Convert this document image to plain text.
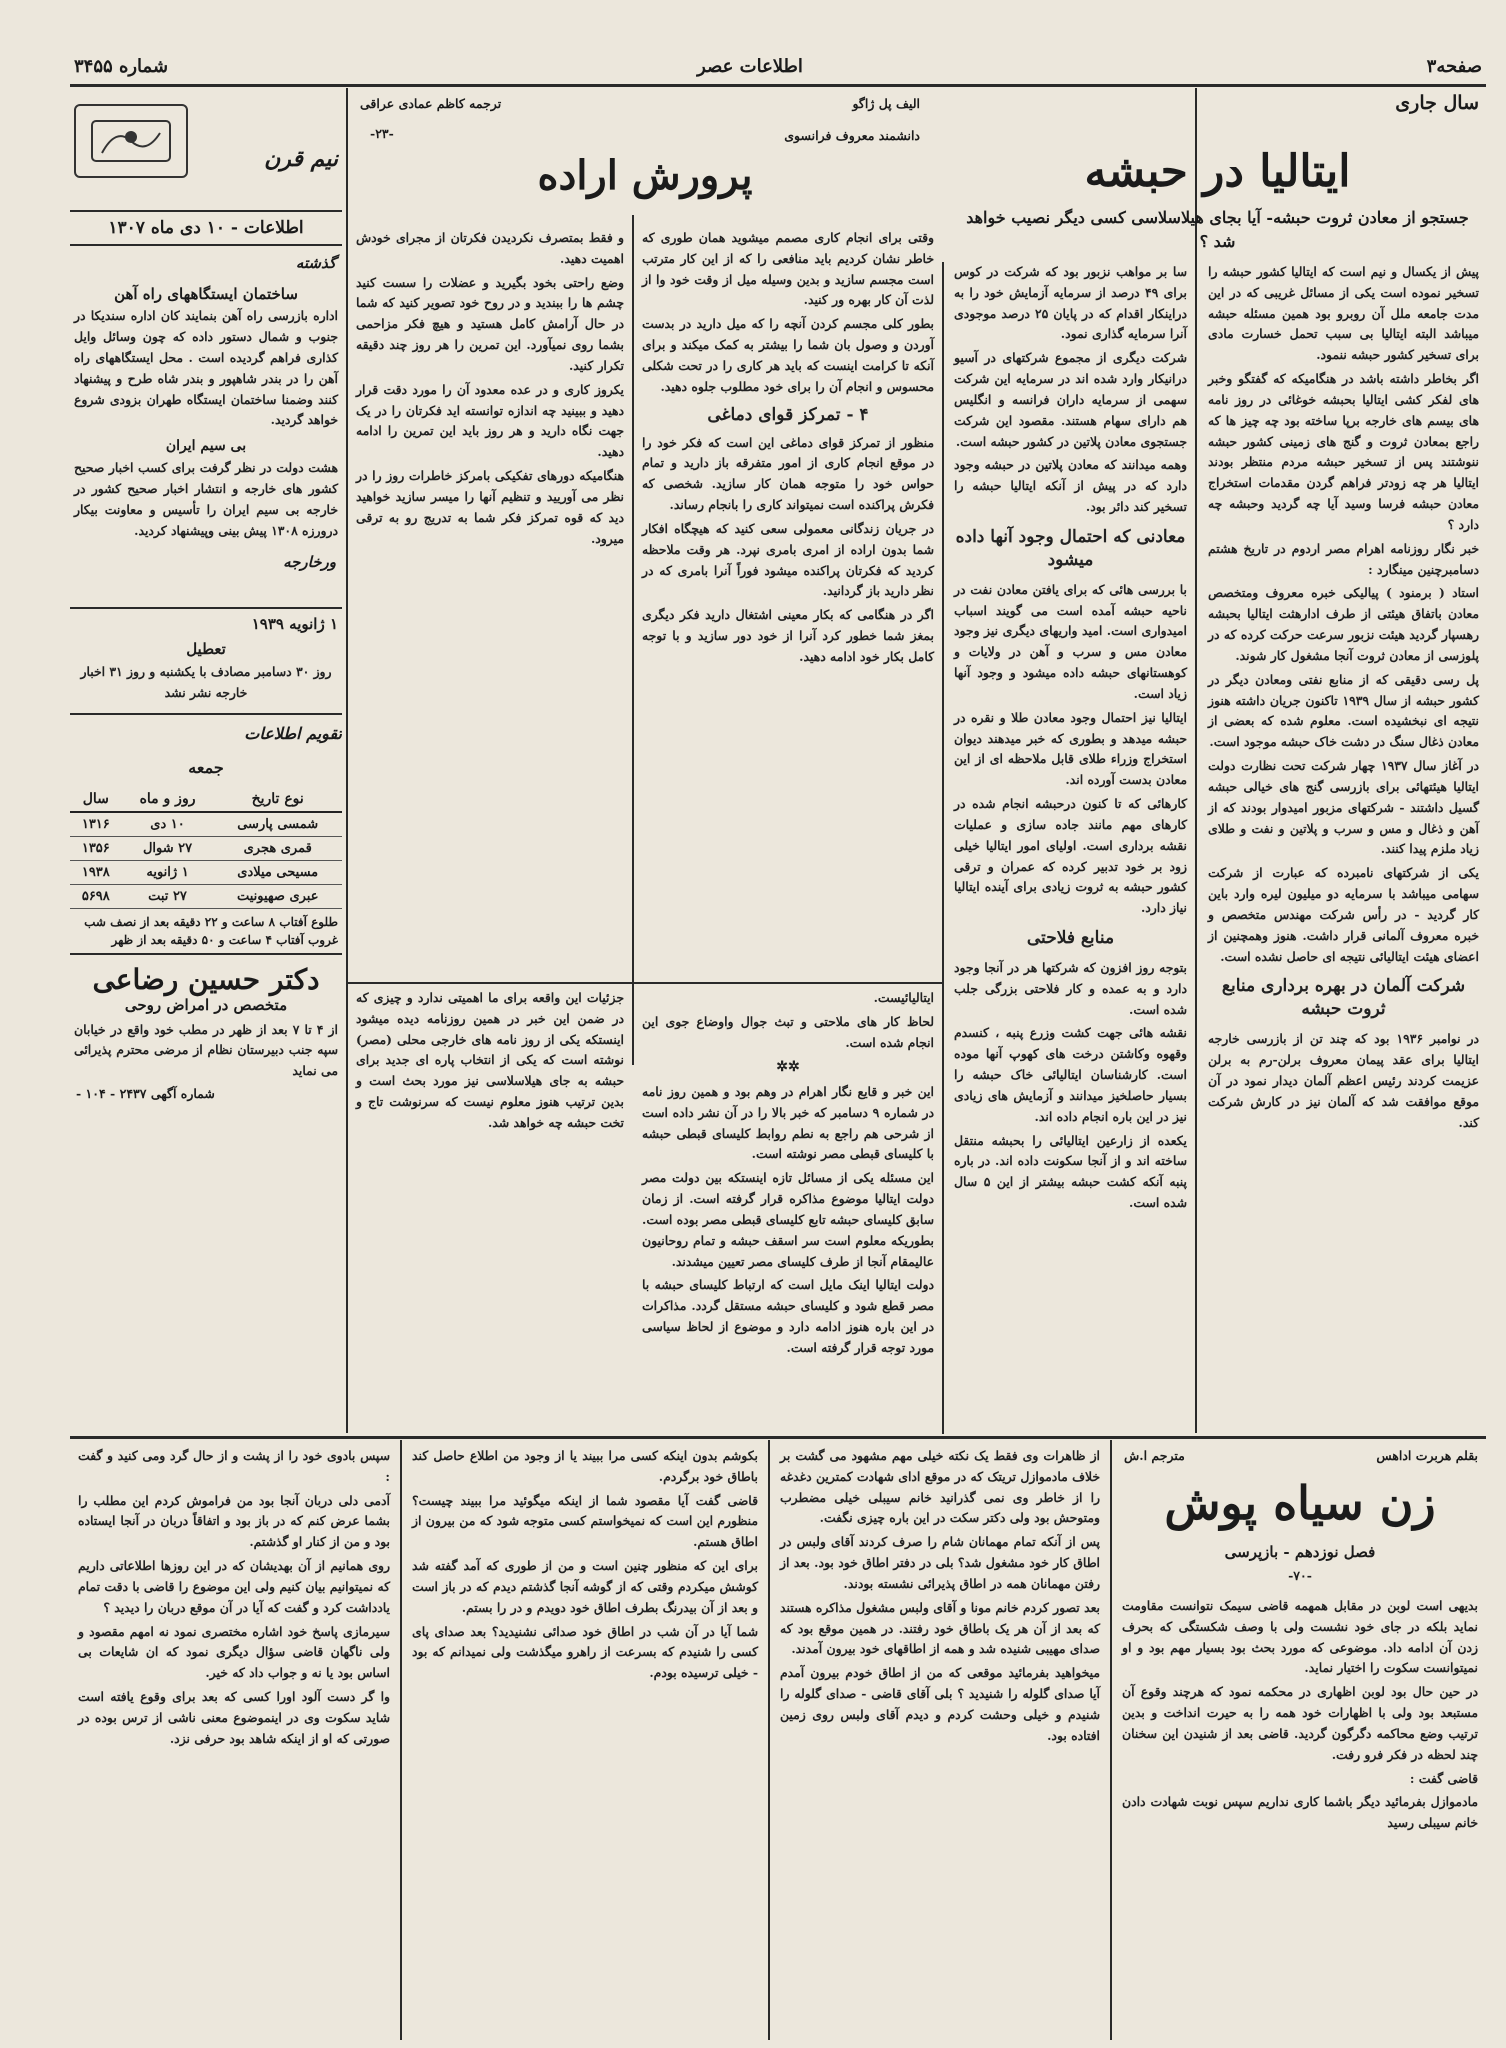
صفحه۳
اطلاعات عصر
شماره ۳۴۵۵
سال جاری
ایتالیا در حبشه
جستجو از معادن ثروت حبشه- آیا بجای هیلاسلاسی کسی دیگر نصیب خواهد شد ؟

پیش از یکسال و نیم است که ایتالیا کشور حبشه را تسخیر نموده است یکی از مسائل غریبی که در این مدت جامعه ملل آن روبرو بود همین مسئله حبشه میباشد البته ایتالیا بی سبب تحمل خسارت مادی برای تسخیر کشور حبشه ننمود.

اگر بخاطر داشته باشد در هنگامیکه که گفتگو وخبر های لفکر کشی ایتالیا بحبشه خوغائی در روز نامه های بیسم های خارجه برپا ساخته بود چه چیز ها که راجع بمعادن ثروت و گنج های زمینی کشور حبشه ننوشتند پس از تسخیر حبشه مردم منتظر بودند ایتالیا هر چه زودتر فراهم گردن مقدمات استخراج معادن حبشه فرسا وسید آیا چه گردید وحبشه چه دارد ؟

خبر نگار روزنامه اهرام مصر اردوم در تاریخ هشتم دسامبرچنین مینگارد :

استاد ( برمنود ) پیالیکی خبره معروف ومتخصص معادن باتفاق هیئتی از طرف ادارهثت ایتالیا بحبشه رهسپار گردید هیئت نزبور سرعت حرکت کرده که در پلوزسی از معادن ثروت آنجا مشغول کار شوند.

پل رسی دقیقی که از منابع نفتی ومعادن دیگر در کشور حبشه از سال ۱۹۳۹ تاکنون جریان داشته هنوز نتیجه ای نبخشیده است. معلوم شده که بعضی از معادن ذغال سنگ در دشت خاک حبشه موجود است.

در آغاز سال ۱۹۳۷ چهار شرکت تحت نظارت دولت ایتالیا هیئتهائی برای بازرسی گنج های خیالی حبشه گسیل داشتند - شرکتهای مزبور امیدوار بودند که از آهن و ذغال و مس و سرب و پلاتین و نفت و طلای زیاد ملزم پیدا کنند.

یکی از شرکتهای نامبرده که عبارت از شرکت سهامی میباشد با سرمایه دو میلیون لیره وارد باین کار گردید - در رأس شرکت مهندس متخصص و خبره معروف آلمانی قرار داشت. هنوز وهمچنین از اعضای هیئت ایتالیائی نتیجه ای حاصل نشده است.

شرکت آلمان در بهره برداری منابع ثروت حبشه

در نوامبر ۱۹۳۶ بود که چند تن از بازرسی خارجه ایتالیا برای عقد پیمان معروف برلن-رم به برلن عزیمت کردند رئیس اعظم آلمان دیدار نمود در آن موقع موافقت شد که آلمان نیز در کارش شرکت کند.

سا بر مواهب نزبور بود که شرکت در کوس برای ۴۹ درصد از سرمایه آزمایش خود را به دراینکار اقدام که در پایان ۲۵ درصد موجودی آنرا سرمایه گذاری نمود.

شرکت دیگری از مجموع شرکتهای در آسیو درانیکار وارد شده اند در سرمایه این شرکت سهمی از سرمایه داران فرانسه و انگلیس هم دارای سهام هستند. مقصود این شرکت جستجوی معادن پلاتین در کشور حبشه است.

وهمه میدانند که معادن پلاتین در حبشه وجود دارد که در پیش از آنکه ایتالیا حبشه را تسخیر کند دائر بود.

معادنی که احتمال وجود آنها داده میشود

با بررسی هائی که برای یافتن معادن نفت در ناحیه حبشه آمده است می گویند اسباب امیدواری است. امید واریهای دیگری نیز وجود معادن مس و سرب و آهن در ولایات و کوهستانهای حبشه داده میشود و وجود آنها زیاد است.

ایتالیا نیز احتمال وجود معادن طلا و نقره در حبشه میدهد و بطوری که خبر میدهند دیوان استخراج وزراء طلای قابل ملاحظه ای از این معادن بدست آورده اند.

کارهائی که تا کنون درحبشه انجام شده در کارهای مهم مانند جاده سازی و عملیات نقشه برداری است. اولیای امور ایتالیا خیلی زود بر خود تدبیر کرده که عمران و ترقی کشور حبشه به ثروت زیادی برای آینده ایتالیا نیاز دارد.

منابع فلاحتی

بتوجه روز افزون که شرکتها هر در آنجا وجود دارد و به عمده و کار فلاحتی بزرگی جلب شده است.

نقشه هائی جهت کشت وزرع پنبه ، کنسدم وقهوه وکاشتن درخت های کهوپ آنها موده است. کارشناسان ایتالیائی خاک حبشه را بسیار حاصلخیز میدانند و آزمایش های زیادی نیز در این باره انجام داده اند.

یکعده از زارعین ایتالیائی را بحبشه منتقل ساخته اند و از آنجا سکونت داده اند. در باره پنبه آنکه کشت حبشه بیشتر از این ۵ سال شده است.

الیف پل ژاگو
دانشمند معروف فرانسوی
ترجمه کاظم عمادی عراقی
-۲۳-
پرورش اراده

وقتی برای انجام کاری مصمم میشوید همان طوری که خاطر نشان کردیم باید منافعی را که از این کار مترتب است مجسم سازید و بدین وسیله میل از وقت خود وا از لذت آن کار بهره ور کنید.

بطور کلی مجسم کردن آنچه را که میل دارید در بدست آوردن و وصول بان شما را بیشتر به کمک میکند و برای آنکه تا کرامت اینست که باید هر کاری را در تحت شکلی محسوس و انجام آن را برای خود مطلوب جلوه دهید.

۴ - تمرکز قوای دماغی

منظور از تمرکز قوای دماغی این است که فکر خود را در موقع انجام کاری از امور متفرقه باز دارید و تمام حواس خود را متوجه همان کار سازید. شخصی که فکرش پراکنده است نمیتواند کاری را بانجام رساند.

در جریان زندگانی معمولی سعی کنید که هیچگاه افکار شما بدون اراده از امری بامری نپرد. هر وقت ملاحظه کردید که فکرتان پراکنده میشود فوراً آنرا بامری که در نظر دارید باز گردانید.

اگر در هنگامی که بکار معینی اشتغال دارید فکر دیگری بمغز شما خطور کرد آنرا از خود دور سازید و با توجه کامل بکار خود ادامه دهید.

و فقط بمتصرف نکردیدن فکرتان از مجرای خودش اهمیت دهید.

وضع راحتی بخود بگیرید و عضلات را سست کنید چشم ها را ببندید و در روح خود تصویر کنید که شما در حال آرامش کامل هستید و هیچ فکر مزاحمی بشما روی نمیآورد. این تمرین را هر روز چند دقیقه تکرار کنید.

یکروز کاری و در عده معدود آن را مورد دقت قرار دهید و ببینید چه اندازه توانسته اید فکرتان را در یک جهت نگاه دارید و هر روز باید این تمرین را ادامه دهید.

هنگامیکه دورهای تفکیکی بامرکز خاطرات روز را در نظر می آوریید و تنظیم آنها را میسر سازید خواهید دید که قوه تمرکز فکر شما به تدریج رو به ترقی میرود.

ایتالیائیست.

لحاظ کار های ملاحتی و تبث جوال واوضاع جوی این انجام شده است.

✲✲

این خبر و قایع نگار اهرام در وهم بود و همین روز نامه در شماره ۹ دسامبر که خبر بالا را در آن نشر داده است از شرحی هم راجع به نطم روابط کلیسای قبطی حبشه با کلیسای قبطی مصر نوشته است.

این مسئله یکی از مسائل تازه اینستکه بین دولت مصر دولت ایتالیا موضوع مذاکره قرار گرفته است. از زمان سابق کلیسای حبشه تابع کلیسای قبطی مصر بوده است. بطوریکه معلوم است سر اسقف حبشه و تمام روحانیون عالیمقام آنجا از طرف کلیسای مصر تعیین میشدند.

دولت ایتالیا اینک مایل است که ارتباط کلیسای حبشه با مصر قطع شود و کلیسای حبشه مستقل گردد. مذاکرات در این باره هنوز ادامه دارد و موضوع از لحاظ سیاسی مورد توجه قرار گرفته است.

جزئیات این واقعه برای ما اهمیتی ندارد و چیزی که در ضمن این خبر در همین روزنامه دیده میشود اینستکه یکی از روز نامه های خارجی محلی (مصر) نوشته است که یکی از انتخاب پاره ای جدید برای حبشه به جای هیلاسلاسی نیز مورد بحث است و بدین ترتیب هنوز معلوم نیست که سرنوشت تاج و تخت حبشه چه خواهد شد.

نیم قرن
اطلاعات - ۱۰ دی ماه ۱۳۰۷
گذشته
ساختمان ایستگاههای راه آهن
اداره بازرسی راه آهن بنمایند کان اداره سندیکا در جنوب و شمال دستور داده که چون وسائل وایل کذاری فراهم گردیده است . محل ایستگاههای راه آهن را در بندر شاهپور و بندر شاه طرح و پیشنهاد کنند وضمنا ساختمان ایستگاه طهران بزودی شروع خواهد گردید.
بی سیم ایران
هشت دولت در نظر گرفت برای کسب اخبار صحیح کشور های خارجه و انتشار اخبار صحیح کشور در خارجه بی سیم ایران را تأسیس و معاونت بیکار درورزه ۱۳۰۸ پیش بینی وپیشنهاد کردید.
ورخارجه
۱ ژانویه ۱۹۳۹
تعطیل
روز ۳۰ دسامبر مصادف با یکشنبه و روز ۳۱ اخبار خارجه نشر نشد
تقویم اطلاعات
جمعه
نوع تاریخ	روز و ماه	سال
شمسی پارسی	۱۰ دی	۱۳۱۶
قمری هجری	۲۷ شوال	۱۳۵۶
مسیحی میلادی	۱ ژانویه	۱۹۳۸
عبری صهیونیت	۲۷ تبت	۵۶۹۸
طلوع آفتاب ۸ ساعت و ۲۲ دقیقه بعد از نصف شب
غروب آفتاب ۴ ساعت و ۵۰ دقیقه بعد از ظهر
دکتر حسین رضاعی
متخصص در امراض روحی
از ۴ تا ۷ بعد از ظهر در مطب خود واقع در خیابان سپه جنب دبیرستان نظام از مرضی محترم پذیرائی می نماید
شماره آگهی ۲۴۳۷ - ۱۰۴ -
بقلم هربرت اداهس
مترجم ا.ش
زن سیاه پوش
فصل نوزدهم - بازپرسی
-۷۰-

بدیهی است لوبن در مقابل همهمه قاضی سیمک نتوانست مقاومت نماید بلکه در جای خود نشست ولی با وصف شکستگی که بحرف زدن آن ادامه داد. موضوعی که مورد بحث بود بسیار مهم بود و او نمیتوانست سکوت را اختیار نماید.

در حین حال بود لوبن اظهاری در محکمه نمود که هرچند وقوع آن مستبعد بود ولی با اظهارات خود همه را به حیرت انداخت و بدین ترتیب وضع محاکمه دگرگون گردید. قاضی بعد از شنیدن این سخنان چند لحظه در فکر فرو رفت.

قاضی گفت :

مادموازل بفرمائید دیگر باشما کاری نداریم سپس نوبت شهادت دادن خانم سیبلی رسید

از ظاهرات وی فقط یک نکته خیلی مهم مشهود می گشت بر خلاف مادموازل تریتک که در موقع ادای شهادت کمترین دغدغه را از خاطر وی نمی گذرانید خانم سیبلی خیلی مضطرب ومتوحش بود ولی دکتر سکت در این باره چیزی نگفت.

پس از آنکه تمام مهمانان شام را صرف کردند آقای ولبس در اطاق کار خود مشغول شد؟ بلی در دفتر اطاق خود بود. بعد از رفتن مهمانان همه در اطاق پذیرائی نشسته بودند.

بعد تصور کردم خانم مونا و آقای ولبس مشغول مذاکره هستند که بعد از آن هر یک باطاق خود رفتند. در همین موقع بود که صدای مهیبی شنیده شد و همه از اطاقهای خود بیرون آمدند.

میخواهید بفرمائید موقعی که من از اطاق خودم بیرون آمدم آیا صدای گلوله را شنیدید ؟ بلی آقای قاضی - صدای گلوله را شنیدم و خیلی وحشت کردم و دیدم آقای ولبس روی زمین افتاده بود.

بکوشم بدون اینکه کسی مرا ببیند یا از وجود من اطلاع حاصل کند باطاق خود برگردم.

قاضی گفت آیا مقصود شما از اینکه میگوئید مرا ببیند چیست؟ منظورم این است که نمیخواستم کسی متوجه شود که من بیرون از اطاق هستم.

برای این که منظور چنین است و من از طوری که آمد گفته شد کوشش میکردم وقتی که از گوشه آنجا گذشتم دیدم که در باز است و بعد از آن بیدرنگ بطرف اطاق خود دویدم و در را بستم.

شما آیا در آن شب در اطاق خود صدائی نشنیدید؟ بعد صدای پای کسی را شنیدم که بسرعت از راهرو میگذشت ولی نمیدانم که بود - خیلی ترسیده بودم.

سپس بادوی خود را از پشت و از حال گرد ومی کنید و گفت :

آدمی دلی دربان آنجا بود من فراموش کردم این مطلب را بشما عرض کنم که در باز بود و اتفاقاً دربان در آنجا ایستاده بود و من از کنار او گذشتم.

روی همانیم از آن بهدیشان که در این روزها اطلاعاتی داریم که نمیتوانیم بیان کنیم ولی این موضوع را قاضی با دقت تمام یادداشت کرد و گفت که آیا در آن موقع دربان را دیدید ؟

سیرمازی پاسخ خود اشاره مختصری نمود نه امهم مقصود و ولی ناگهان قاضی سؤال دیگری نمود که ان شایعات بی اساس بود یا نه و جواب داد که خیر.

وا گر دست آلود اورا کسی که بعد برای وقوع یافته است شاید سکوت وی در اینموضوع معنی ناشی از ترس بوده در صورتی که او از اینکه شاهد بود حرفی نزد.
